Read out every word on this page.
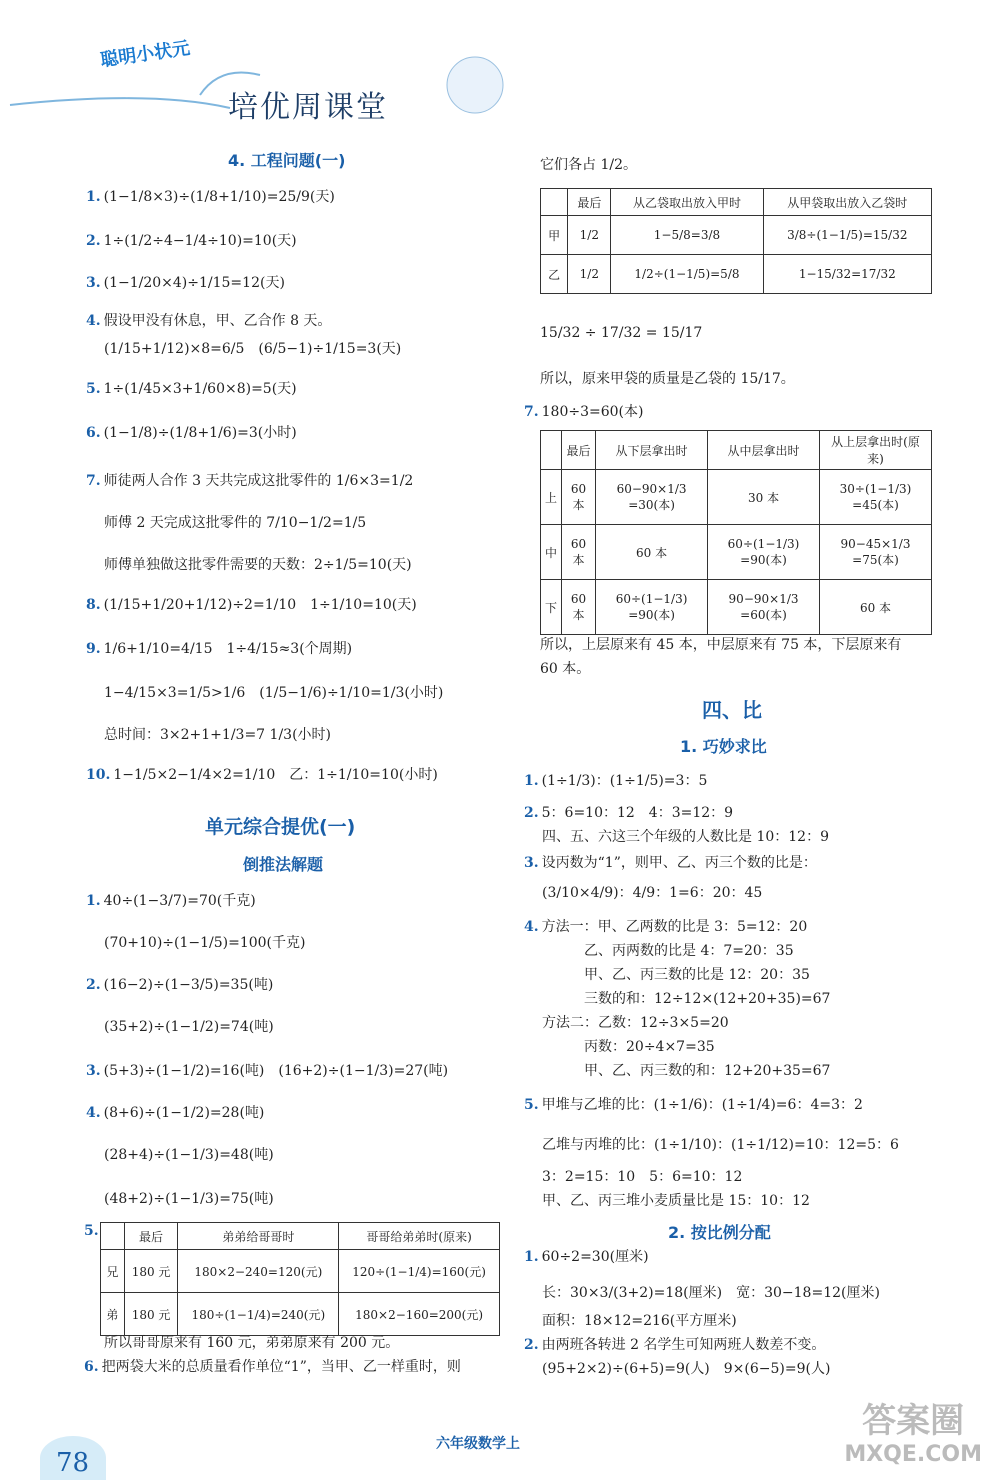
聪明小状元
培优周课堂
4. 工程问题(一)
1. (1−1/8×3)÷(1/8+1/10)=25/9(天)
2. 1÷(1/2÷4−1/4÷10)=10(天)
3. (1−1/20×4)÷1/15=12(天)
4. 假设甲没有休息，甲、乙合作 8 天。
(1/15+1/12)×8=6/5　(6/5−1)÷1/15=3(天)
5. 1÷(1/45×3+1/60×8)=5(天)
6. (1−1/8)÷(1/8+1/6)=3(小时)
7. 师徒两人合作 3 天共完成这批零件的 1/6×3=1/2
师傅 2 天完成这批零件的 7/10−1/2=1/5
师傅单独做这批零件需要的天数：2÷1/5=10(天)
8. (1/15+1/20+1/12)÷2=1/10　1÷1/10=10(天)
9. 1/6+1/10=4/15　1÷4/15≈3(个周期)
1−4/15×3=1/5>1/6　(1/5−1/6)÷1/10=1/3(小时)
总时间：3×2+1+1/3=7 1/3(小时)
10. 1−1/5×2−1/4×2=1/10　乙：1÷1/10=10(小时)
单元综合提优(一)
倒推法解题
1. 40÷(1−3/7)=70(千克)
(70+10)÷(1−1/5)=100(千克)
2. (16−2)÷(1−3/5)=35(吨)
(35+2)÷(1−1/2)=74(吨)
3. (5+3)÷(1−1/2)=16(吨)　(16+2)÷(1−1/3)=27(吨)
4. (8+6)÷(1−1/2)=28(吨)
(28+4)÷(1−1/3)=48(吨)
(48+2)÷(1−1/3)=75(吨)
5.
		最后	弟弟给哥哥时	哥哥给弟弟时(原来)
兄	180 元	180×2−240=120(元)	120÷(1−1/4)=160(元)
弟	180 元	180÷(1−1/4)=240(元)	180×2−160=200(元)
所以哥哥原来有 160 元，弟弟原来有 200 元。
6. 把两袋大米的总质量看作单位“1”，当甲、乙一样重时，则
它们各占 1/2。
	最后	从乙袋取出放入甲时	从甲袋取出放入乙袋时
甲	1/2	1−5/8=3/8	3/8÷(1−1/5)=15/32
乙	1/2	1/2÷(1−1/5)=5/8	1−15/32=17/32
15/32 ÷ 17/32 = 15/17
所以，原来甲袋的质量是乙袋的 15/17。
7. 180÷3=60(本)
	最后	从下层拿出时	从中层拿出时	从上层拿出时(原来)
上	60 本	60−90×1/3 =30(本)	30 本	30÷(1−1/3) =45(本)
中	60 本	60 本	60÷(1−1/3) =90(本)	90−45×1/3 =75(本)
下	60 本	60÷(1−1/3) =90(本)	90−90×1/3 =60(本)	60 本
所以，上层原来有 45 本，中层原来有 75 本，下层原来有
60 本。
四、比
1. 巧妙求比
1. (1÷1/3)：(1÷1/5)=3：5
2. 5：6=10：12　4：3=12：9
四、五、六这三个年级的人数比是 10：12：9
3. 设丙数为“1”，则甲、乙、丙三个数的比是：
(3/10×4/9)：4/9：1=6：20：45
4. 方法一：甲、乙两数的比是 3：5=12：20
　　　乙、丙两数的比是 4：7=20：35
　　　甲、乙、丙三数的比是 12：20：35
　　　三数的和：12÷12×(12+20+35)=67
方法二：乙数：12÷3×5=20
　　　丙数：20÷4×7=35
　　　甲、乙、丙三数的和：12+20+35=67
5. 甲堆与乙堆的比：(1÷1/6)：(1÷1/4)=6：4=3：2
乙堆与丙堆的比：(1÷1/10)：(1÷1/12)=10：12=5：6
3：2=15：10　5：6=10：12
甲、乙、丙三堆小麦质量比是 15：10：12
2. 按比例分配
1. 60÷2=30(厘米)
长：30×3/(3+2)=18(厘米)　宽：30−18=12(厘米)
面积：18×12=216(平方厘米)
2. 由两班各转进 2 名学生可知两班人数差不变。
(95+2×2)÷(6+5)=9(人)　9×(6−5)=9(人)
78
六年级数学上
答案圈
MXQE.COM
